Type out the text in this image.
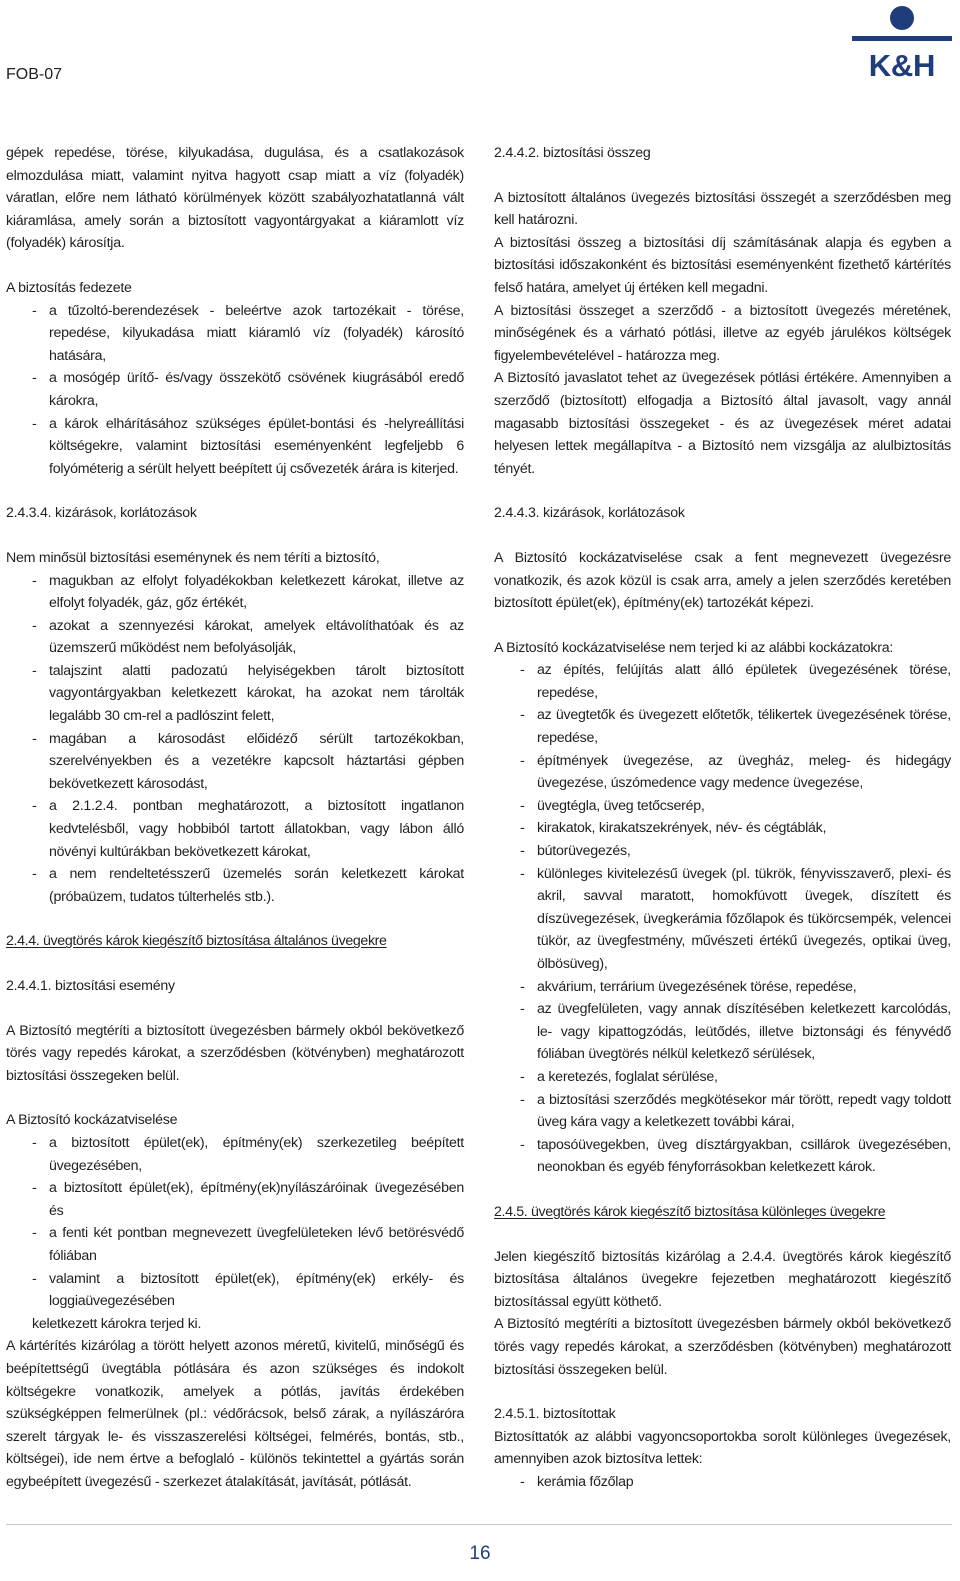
FOB-07	K&H

gépek repedése, törése, kilyukadása, dugulása, és a csatlakozások elmozdulása miatt, valamint nyitva hagyott csap miatt a víz (folyadék) váratlan, előre nem látható körülmények között szabályozhatatlanná vált kiáramlása, amely során a biztosított vagyontárgyakat a kiáramlott víz (folyadék) károsítja.

A biztosítás fedezete

- a tűzoltó-berendezések - beleértve azok tartozékait - törése, repedése, kilyukadása miatt kiáramló víz (folyadék) károsító hatására,
- a mosógép ürítő- és/vagy összekötő csövének kiugrásából eredő károkra,
- a károk elhárításához szükséges épület-bontási és -helyreállítási költségekre, valamint biztosítási eseményenként legfeljebb 6 folyóméterig a sérült helyett beépített új csővezeték árára is kiterjed.

2.4.3.4. kizárások, korlátozások

Nem minősül biztosítási eseménynek és nem téríti a biztosító,

- magukban az elfolyt folyadékokban keletkezett károkat, illetve az elfolyt folyadék, gáz, gőz értékét,
- azokat a szennyezési károkat, amelyek eltávolíthatóak és az üzemszerű működést nem befolyásolják,
- talajszint alatti padozatú helyiségekben tárolt biztosított vagyontárgyakban keletkezett károkat, ha azokat nem tárolták legalább 30 cm-rel a padlószint felett,
- magában a károsodást előidéző sérült tartozékokban, szerelvényekben és a vezetékre kapcsolt háztartási gépben bekövetkezett károsodást,
- a 2.1.2.4. pontban meghatározott, a biztosított ingatlanon kedvtelésből, vagy hobbiból tartott állatokban, vagy lábon álló növényi kultúrákban bekövetkezett károkat,
- a nem rendeltetésszerű üzemelés során keletkezett károkat (próbaüzem, tudatos túlterhelés stb.).

2.4.4. üvegtörés károk kiegészítő biztosítása általános üvegekre

2.4.4.1. biztosítási esemény

A Biztosító megtéríti a biztosított üvegezésben bármely okból bekövetkező törés vagy repedés károkat, a szerződésben (kötvényben) meghatározott biztosítási összegeken belül.

A Biztosító kockázatviselése

- a biztosított épület(ek), építmény(ek) szerkezetileg beépített üvegezésében,
- a biztosított épület(ek), építmény(ek)nyílászáróinak üvegezésében és
- a fenti két pontban megnevezett üvegfelületeken lévő betörésvédő fóliában
- valamint a biztosított épület(ek), építmény(ek) erkély- és loggiaüvegezésében

keletkezett károkra terjed ki.

A kártérítés kizárólag a törött helyett azonos méretű, kivitelű, minőségű és beépítettségű üvegtábla pótlására és azon szükséges és indokolt költségekre vonatkozik, amelyek a pótlás, javítás érdekében szükségképpen felmerülnek (pl.: védőrácsok, belső zárak, a nyílászáróra szerelt tárgyak le- és visszaszerelési költségei, felmérés, bontás, stb., költségei), ide nem értve a befoglaló - különös tekintettel a gyártás során egybeépített üvegezésű - szerkezet átalakítását, javítását, pótlását.

2.4.4.2. biztosítási összeg

A biztosított általános üvegezés biztosítási összegét a szerződésben meg kell határozni.

A biztosítási összeg a biztosítási díj számításának alapja és egyben a biztosítási időszakonként és biztosítási eseményenként fizethető kártérítés felső határa, amelyet új értéken kell megadni.

A biztosítási összeget a szerződő - a biztosított üvegezés méretének, minőségének és a várható pótlási, illetve az egyéb járulékos költségek figyelembevételével - határozza meg.

A Biztosító javaslatot tehet az üvegezések pótlási értékére. Amennyiben a szerződő (biztosított) elfogadja a Biztosító által javasolt, vagy annál magasabb biztosítási összegeket - és az üvegezések méret adatai helyesen lettek megállapítva - a Biztosító nem vizsgálja az alulbiztosítás tényét.

2.4.4.3. kizárások, korlátozások

A Biztosító kockázatviselése csak a fent megnevezett üvegezésre vonatkozik, és azok közül is csak arra, amely a jelen szerződés keretében biztosított épület(ek), építmény(ek) tartozékát képezi.

A Biztosító kockázatviselése nem terjed ki az alábbi kockázatokra:

- az építés, felújítás alatt álló épületek üvegezésének törése, repedése,
- az üvegtetők és üvegezett előtetők, télikertek üvegezésének törése, repedése,
- építmények üvegezése, az üvegház, meleg- és hidegágy üvegezése, úszómedence vagy medence üvegezése,
- üvegtégla, üveg tetőcserép,
- kirakatok, kirakatszekrények, név- és cégtáblák,
- bútorüvegezés,
- különleges kivitelezésű üvegek (pl. tükrök, fényvisszaverő, plexi- és akril, savval maratott, homokfúvott üvegek, díszített és díszüvegezések, üvegkerámia főzőlapok és tükörcsempék, velencei tükör, az üvegfestmény, művészeti értékű üvegezés, optikai üveg, ölbösüveg),
- akvárium, terrárium üvegezésének törése, repedése,
- az üvegfelületen, vagy annak díszítésében keletkezett karcolódás, le- vagy kipattogzódás, leütődés, illetve biztonsági és fényvédő fóliában üvegtörés nélkül keletkező sérülések,
- a keretezés, foglalat sérülése,
- a biztosítási szerződés megkötésekor már törött, repedt vagy toldott üveg kára vagy a keletkezett további kárai,
- taposóüvegekben, üveg dísztárgyakban, csillárok üvegezésében, neonokban és egyéb fényforrásokban keletkezett károk.

2.4.5. üvegtörés károk kiegészítő biztosítása különleges üvegekre

Jelen kiegészítő biztosítás kizárólag a 2.4.4. üvegtörés károk kiegészítő biztosítása általános üvegekre fejezetben meghatározott kiegészítő biztosítással együtt köthető.

A Biztosító megtéríti a biztosított üvegezésben bármely okból bekövetkező törés vagy repedés károkat, a szerződésben (kötvényben) meghatározott biztosítási összegeken belül.

2.4.5.1. biztosítottak

Biztosíttatók az alábbi vagyoncsoportokba sorolt különleges üvegezések, amennyiben azok biztosítva lettek:

- kerámia főzőlap
16
